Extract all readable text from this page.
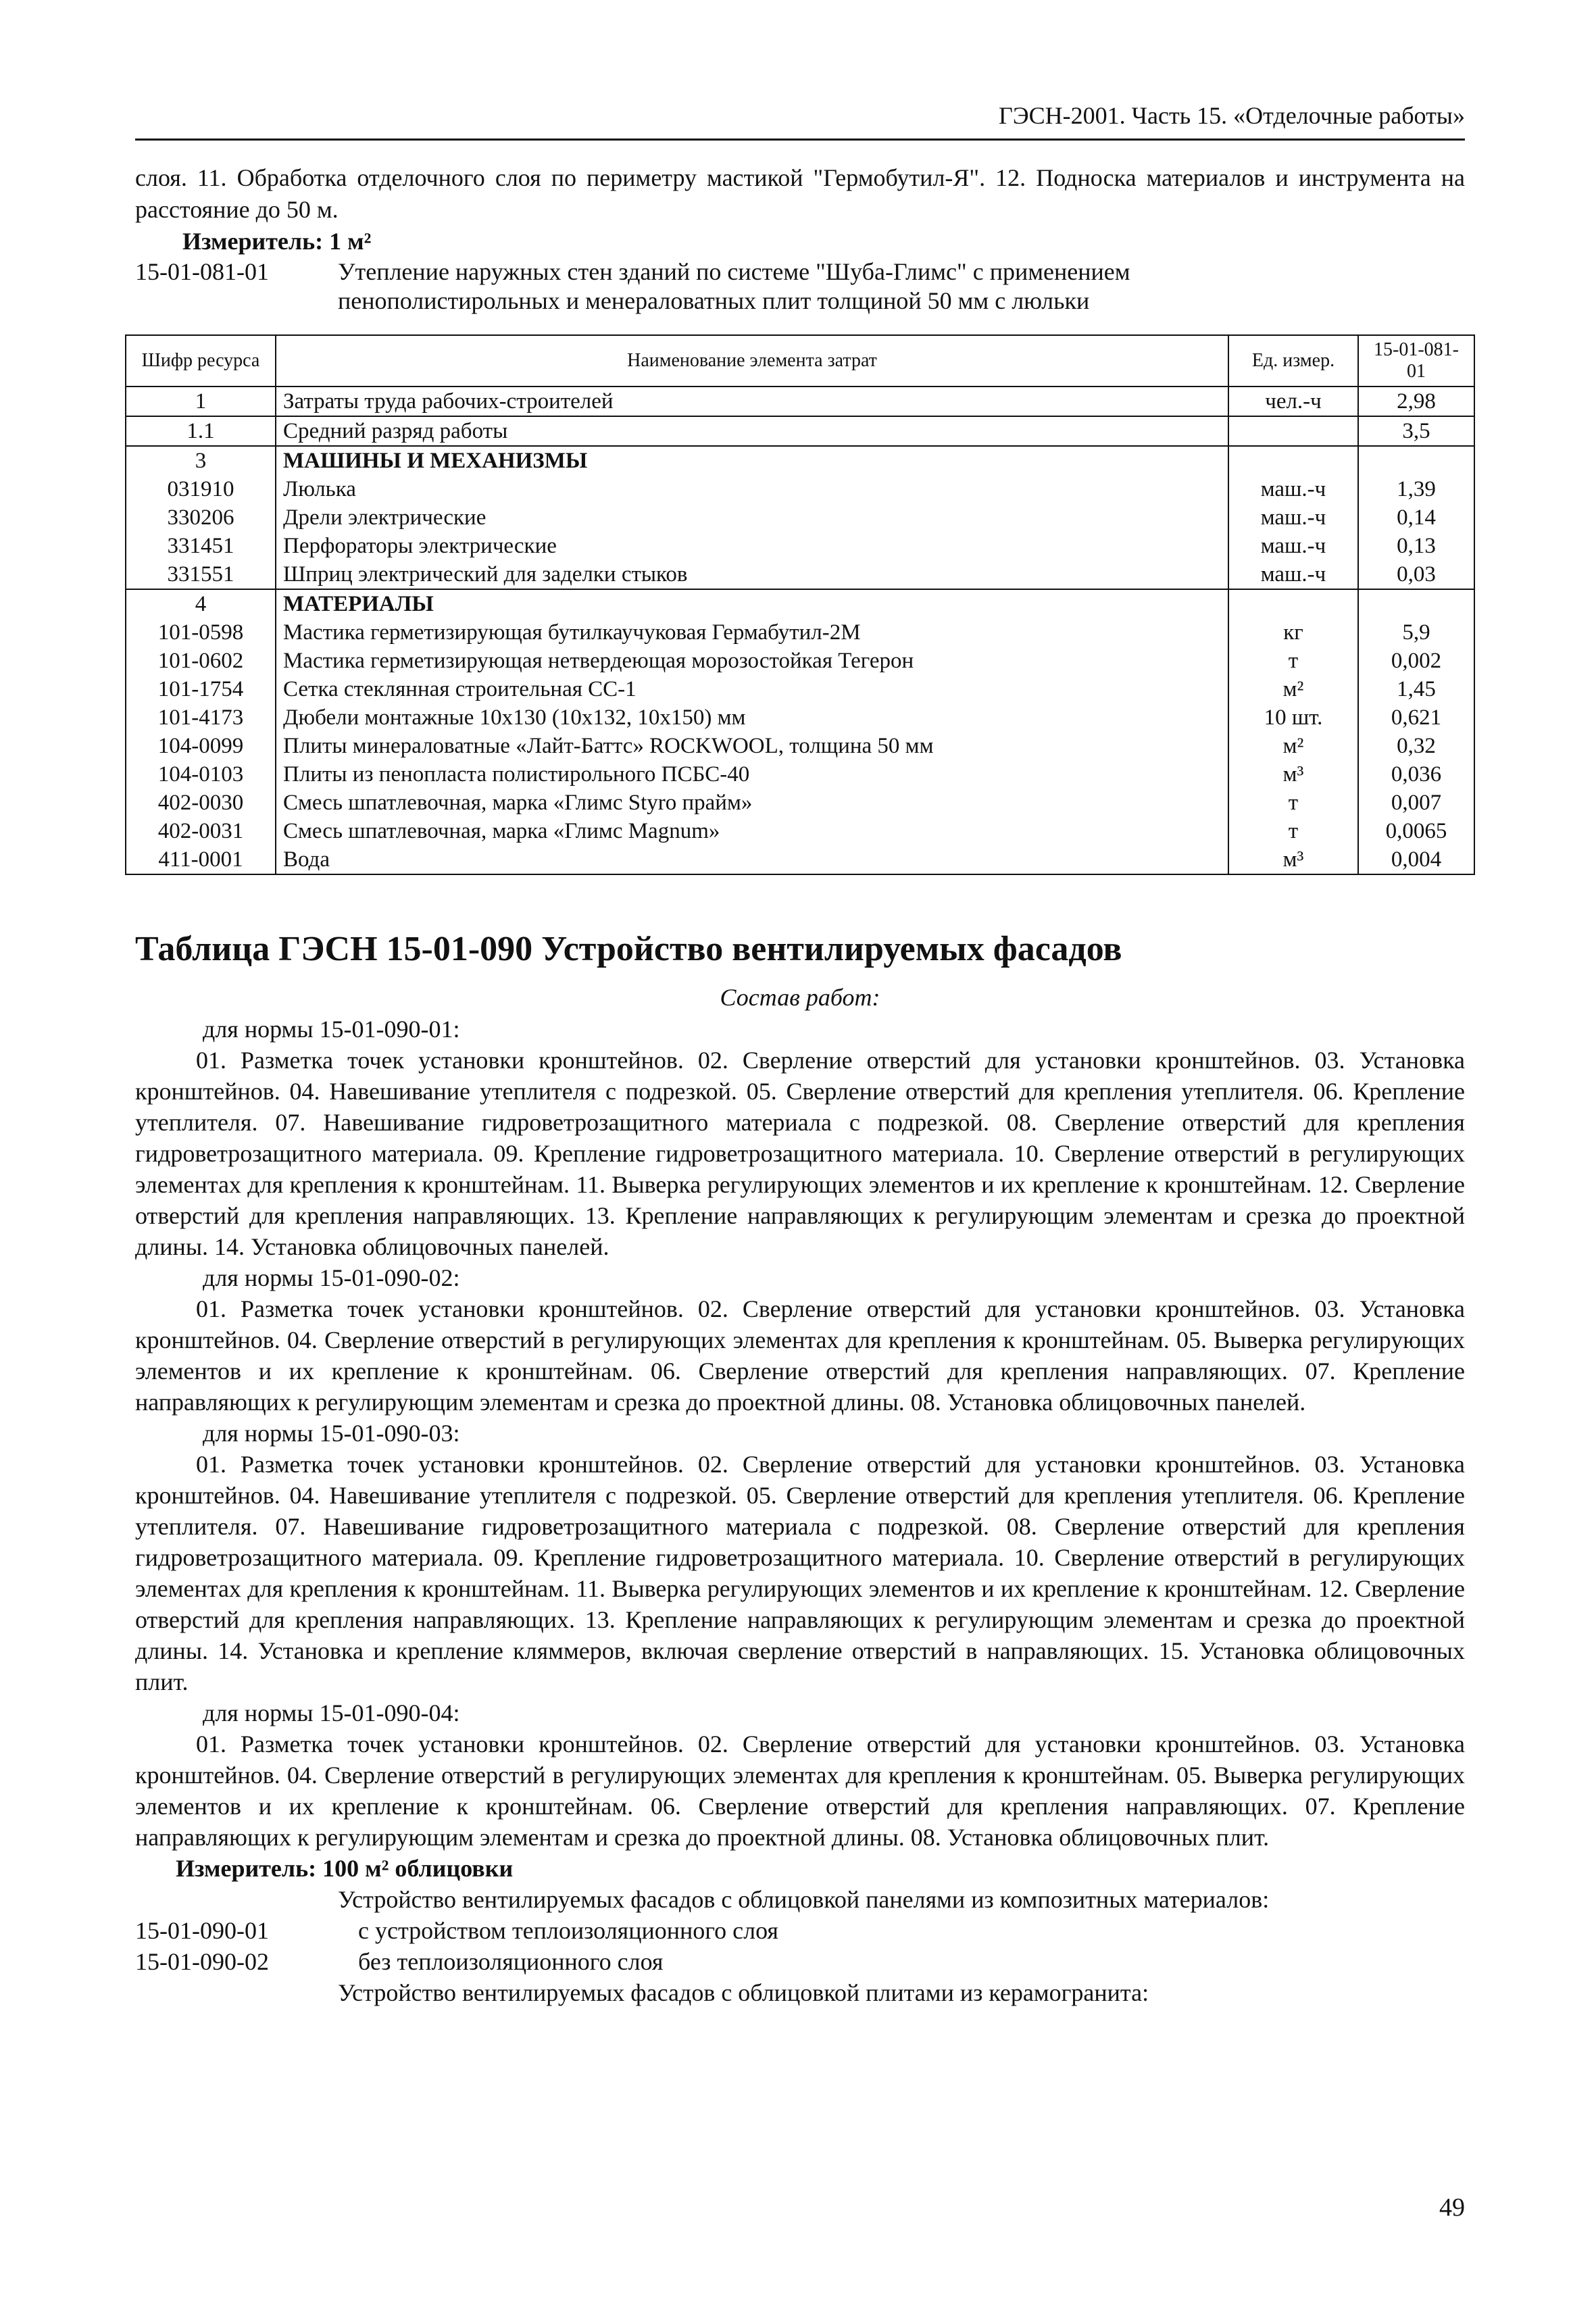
ГЭСН-2001. Часть 15. «Отделочные работы»
слоя. 11. Обработка отделочного слоя по периметру мастикой "Гермобутил-Я". 12. Подноска материалов и инструмента на расстояние до 50 м.
Измеритель: 1 м²
15-01-081-01	Утепление наружных стен зданий по системе "Шуба-Глимс" с применением
пенополистирольных и менераловатных плит толщиной 50 мм с люльки
Шифр ресурса	Наименование элемента затрат	Ед. измер.	15-01-081-01
1	Затраты труда рабочих-строителей	чел.-ч	2,98
1.1	Средний разряд работы		3,5
3	МАШИНЫ И МЕХАНИЗМЫ		
031910	Люлька	маш.-ч	1,39
330206	Дрели электрические	маш.-ч	0,14
331451	Перфораторы электрические	маш.-ч	0,13
331551	Шприц электрический для заделки стыков	маш.-ч	0,03
4	МАТЕРИАЛЫ		
101-0598	Мастика герметизирующая бутилкаучуковая Гермабутил-2М	кг	5,9
101-0602	Мастика герметизирующая нетвердеющая морозостойкая Тегерон	т	0,002
101-1754	Сетка стеклянная строительная СС-1	м²	1,45
101-4173	Дюбели монтажные 10x130 (10x132, 10x150) мм	10 шт.	0,621
104-0099	Плиты минераловатные «Лайт-Баттс» ROCKWOOL, толщина 50 мм	м²	0,32
104-0103	Плиты из пенопласта полистирольного ПСБС-40	м³	0,036
402-0030	Смесь шпатлевочная, марка «Глимс Styro прайм»	т	0,007
402-0031	Смесь шпатлевочная, марка «Глимс Magnum»	т	0,0065
411-0001	Вода	м³	0,004
Таблица ГЭСН 15-01-090 Устройство вентилируемых фасадов
Состав работ:
для нормы 15-01-090-01:

01. Разметка точек установки кронштейнов. 02. Сверление отверстий для установки кронштейнов. 03. Установка кронштейнов. 04. Навешивание утеплителя с подрезкой. 05. Сверление отверстий для крепления утеплителя. 06. Крепление утеплителя. 07. Навешивание гидроветрозащитного материала с подрезкой. 08. Сверление отверстий для крепления гидроветрозащитного материала. 09. Крепление гидроветрозащитного материала. 10. Сверление отверстий в регулирующих элементах для крепления к кронштейнам. 11. Выверка регулирующих элементов и их крепление к кронштейнам. 12. Сверление отверстий для крепления направляющих. 13. Крепление направляющих к регулирующим элементам и срезка до проектной длины. 14. Установка облицовочных панелей.

для нормы 15-01-090-02:

01. Разметка точек установки кронштейнов. 02. Сверление отверстий для установки кронштейнов. 03. Установка кронштейнов. 04. Сверление отверстий в регулирующих элементах для крепления к кронштейнам. 05. Выверка регулирующих элементов и их крепление к кронштейнам. 06. Сверление отверстий для крепления направляющих. 07. Крепление направляющих к регулирующим элементам и срезка до проектной длины. 08. Установка облицовочных панелей.

для нормы 15-01-090-03:

01. Разметка точек установки кронштейнов. 02. Сверление отверстий для установки кронштейнов. 03. Установка кронштейнов. 04. Навешивание утеплителя с подрезкой. 05. Сверление отверстий для крепления утеплителя. 06. Крепление утеплителя. 07. Навешивание гидроветрозащитного материала с подрезкой. 08. Сверление отверстий для крепления гидроветрозащитного материала. 09. Крепление гидроветрозащитного материала. 10. Сверление отверстий в регулирующих элементах для крепления к кронштейнам. 11. Выверка регулирующих элементов и их крепление к кронштейнам. 12. Сверление отверстий для крепления направляющих. 13. Крепление направляющих к регулирующим элементам и срезка до проектной длины. 14. Установка и крепление кляммеров, включая сверление отверстий в направляющих. 15. Установка облицовочных плит.

для нормы 15-01-090-04:

01. Разметка точек установки кронштейнов. 02. Сверление отверстий для установки кронштейнов. 03. Установка кронштейнов. 04. Сверление отверстий в регулирующих элементах для крепления к кронштейнам. 05. Выверка регулирующих элементов и их крепление к кронштейнам. 06. Сверление отверстий для крепления направляющих. 07. Крепление направляющих к регулирующим элементам и срезка до проектной длины. 08. Установка облицовочных плит.

Измеритель: 100 м² облицовки
Устройство вентилируемых фасадов с облицовкой панелями из композитных материалов:
15-01-090-01	с устройством теплоизоляционного слоя
15-01-090-02	без теплоизоляционного слоя
Устройство вентилируемых фасадов с облицовкой плитами из керамогранита:
49
